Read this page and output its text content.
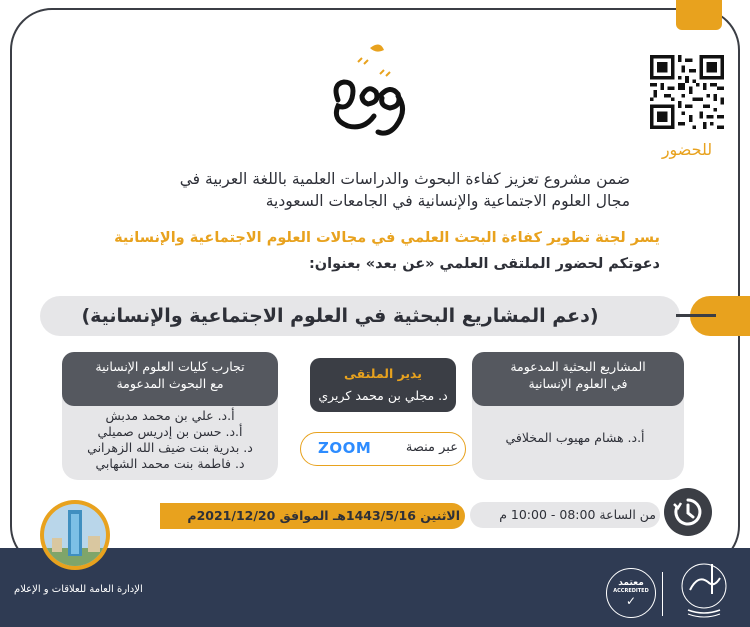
للحضور
ضمن مشروع تعزيز كفاءة البحوث والدراسات العلمية باللغة العربية في
مجال العلوم الاجتماعية والإنسانية في الجامعات السعودية
يسر لجنة تطوير كفاءة البحث العلمي في مجالات العلوم الاجتماعية والإنسانية
دعوتكم لحضور الملتقى العلمي «عن بعد» بعنوان:
(دعم المشاريع البحثية في العلوم الاجتماعية والإنسانية)
المشاريع البحثية المدعومة
في العلوم الإنسانية
أ.د. هشام مهيوب المخلافي
تجارب كليات العلوم الإنسانية
مع البحوث المدعومة
أ.د. علي بن محمد مدبش
أ.د. حسن بن إدريس صميلي
د. بدرية بنت ضيف الله الزهراني
د. فاطمة بنت محمد الشهابي
يدير الملتقى
د. مجلي بن محمد كريري
عبر منصة
ZOOM
الاثنين 1443/5/16هـ الموافق 2021/12/20م	من الساعة 08:00 - 10:00 م
الإدارة العامة للعلاقات و الإعلام
معتمد
ACCREDITED
✓
